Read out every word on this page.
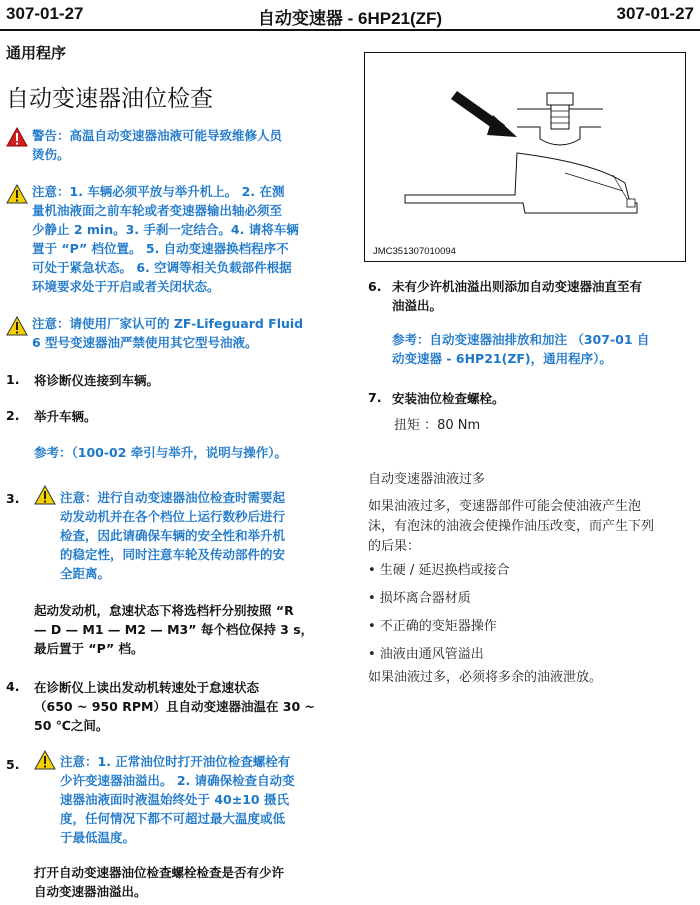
307-01-27	自动变速器 - 6HP21(ZF)	307-01-27
通用程序
自动变速器油位检查
警告：高温自动变速器油液可能导致维修人员
烫伤。
注意：1. 车辆必须平放与举升机上。 2. 在测
量机油液面之前车轮或者变速器输出轴必须至
少静止 2 min。3. 手刹一定结合。4. 请将车辆
置于 “P” 档位置。 5. 自动变速器换档程序不
可处于紧急状态。 6. 空调等相关负载部件根据
环境要求处于开启或者关闭状态。
注意：请使用厂家认可的 ZF-Lifeguard Fluid
6 型号变速器油严禁使用其它型号油液。
1. 将诊断仪连接到车辆。
2. 举升车辆。
参考：（100-02 牵引与举升，说明与操作）。
3.	注意：进行自动变速器油位检查时需要起
动发动机并在各个档位上运行数秒后进行
检查，因此请确保车辆的安全性和举升机
的稳定性，同时注意车轮及传动部件的安
全距离。
起动发动机，怠速状态下将选档杆分别按照 “R
— D — M1 — M2 — M3” 每个档位保持 3 s，
最后置于 “P” 档。
4. 在诊断仪上读出发动机转速处于怠速状态
（650 ~ 950 RPM）且自动变速器油温在 30 ~
50 ℃之间。
5.	注意：1. 正常油位时打开油位检查螺栓有
少许变速器油溢出。 2. 请确保检查自动变
速器油液面时液温始终处于 40±10 摄氏
度，任何情况下都不可超过最大温度或低
于最低温度。
打开自动变速器油位检查螺栓检查是否有少许
自动变速器油溢出。
JMC351307010094
6. 未有少许机油溢出则添加自动变速器油直至有
油溢出。
参考：自动变速器油排放和加注 （307-01 自
动变速器 - 6HP21(ZF)，通用程序）。
7. 安装油位检查螺栓。
扭矩 ：80 Nm
自动变速器油液过多
如果油液过多，变速器部件可能会使油液产生泡
沫，有泡沫的油液会使操作油压改变，而产生下列
的后果：
• 生硬 / 延迟换档或接合
• 损坏离合器材质
• 不正确的变矩器操作
• 油液由通风管溢出
如果油液过多，必须将多余的油液泄放。
